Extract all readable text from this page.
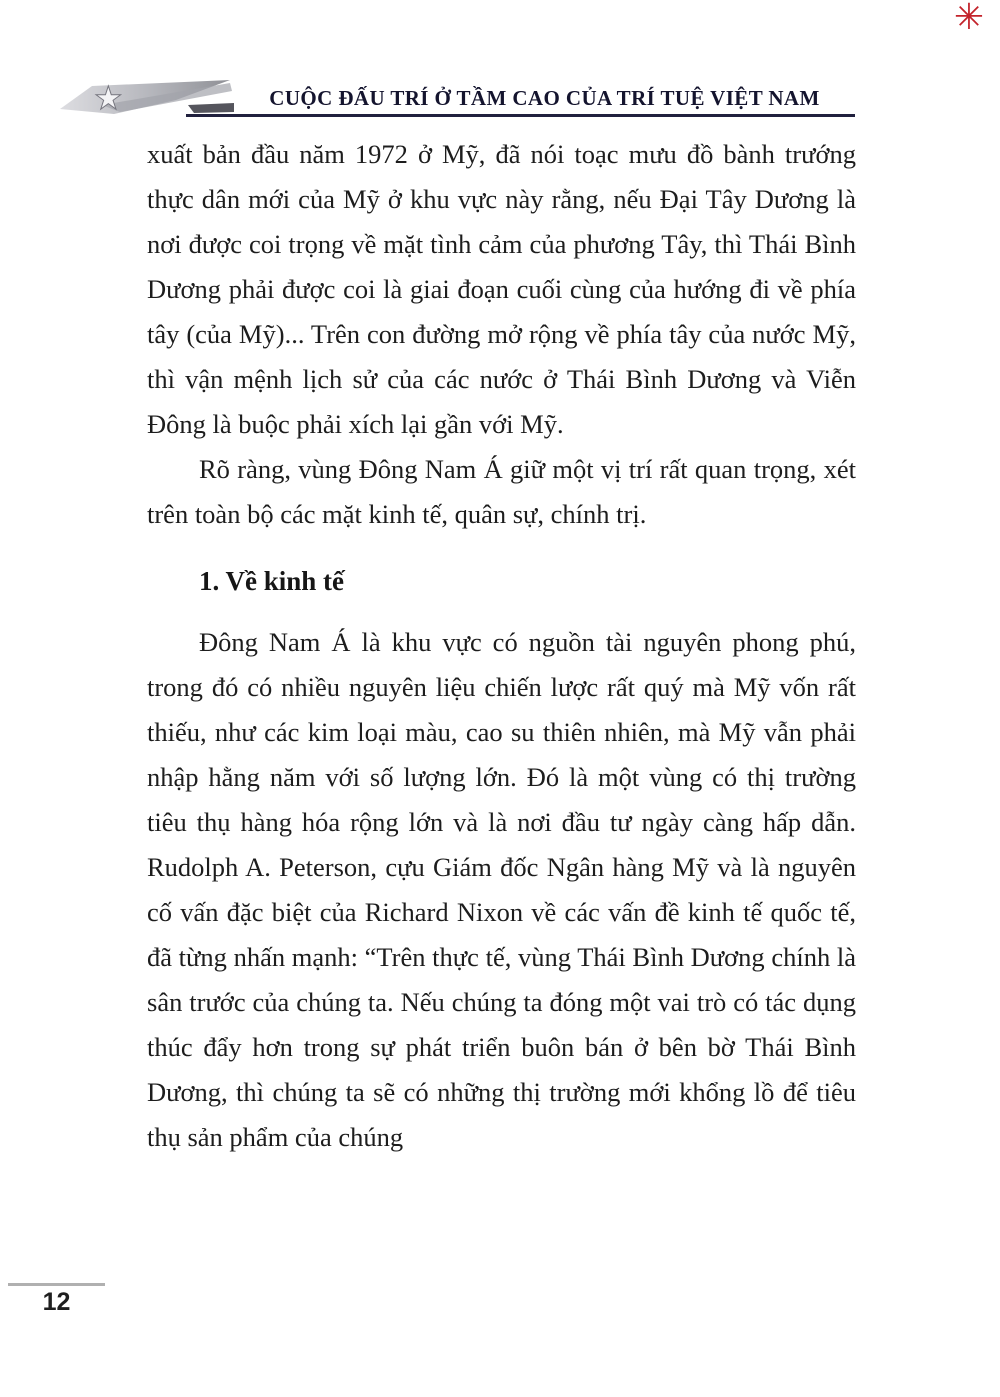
✳
★	CUỘC ĐẤU TRÍ Ở TẦM CAO CỦA TRÍ TUỆ VIỆT NAM

xuất bản đầu năm 1972 ở Mỹ, đã nói toạc mưu đồ bành trướng thực dân mới của Mỹ ở khu vực này rằng, nếu Đại Tây Dương là nơi được coi trọng về mặt tình cảm của phương Tây, thì Thái Bình Dương phải được coi là giai đoạn cuối cùng của hướng đi về phía tây (của Mỹ)... Trên con đường mở rộng về phía tây của nước Mỹ, thì vận mệnh lịch sử của các nước ở Thái Bình Dương và Viễn Đông là buộc phải xích lại gần với Mỹ.

Rõ ràng, vùng Đông Nam Á giữ một vị trí rất quan trọng, xét trên toàn bộ các mặt kinh tế, quân sự, chính trị.

1. Về kinh tế

Đông Nam Á là khu vực có nguồn tài nguyên phong phú, trong đó có nhiều nguyên liệu chiến lược rất quý mà Mỹ vốn rất thiếu, như các kim loại màu, cao su thiên nhiên, mà Mỹ vẫn phải nhập hằng năm với số lượng lớn. Đó là một vùng có thị trường tiêu thụ hàng hóa rộng lớn và là nơi đầu tư ngày càng hấp dẫn. Rudolph A. Peterson, cựu Giám đốc Ngân hàng Mỹ và là nguyên cố vấn đặc biệt của Richard Nixon về các vấn đề kinh tế quốc tế, đã từng nhấn mạnh: “Trên thực tế, vùng Thái Bình Dương chính là sân trước của chúng ta. Nếu chúng ta đóng một vai trò có tác dụng thúc đẩy hơn trong sự phát triển buôn bán ở bên bờ Thái Bình Dương, thì chúng ta sẽ có những thị trường mới khổng lồ để tiêu thụ sản phẩm của chúng

12
